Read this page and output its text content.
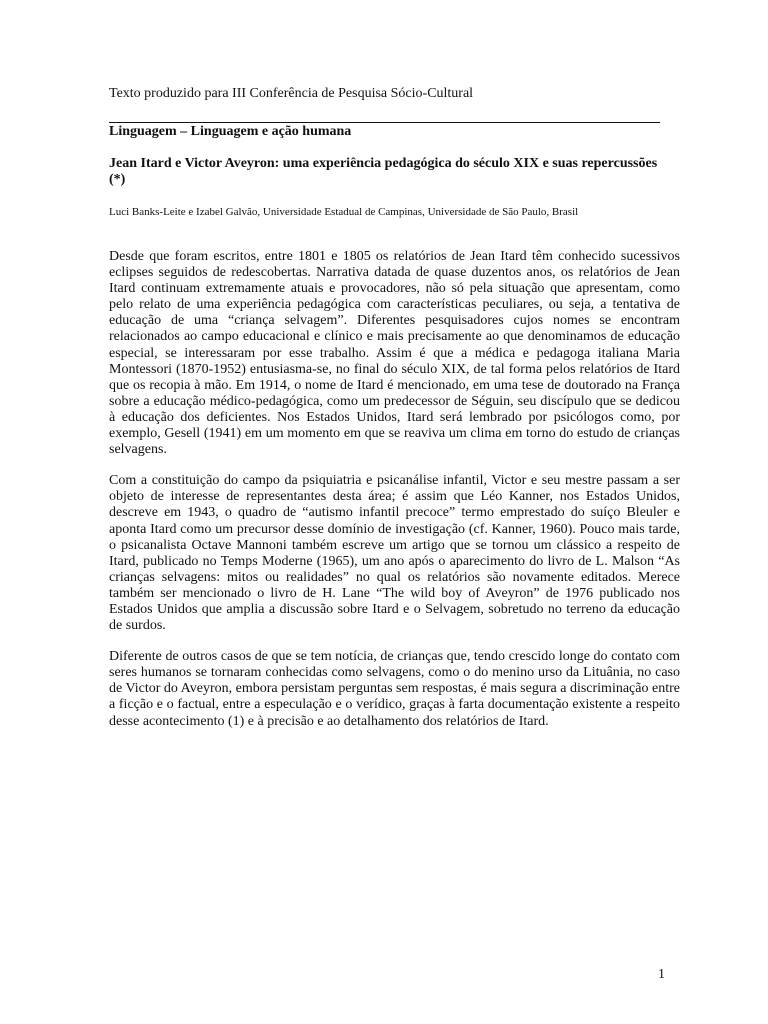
Texto produzido para III Conferência de Pesquisa Sócio-Cultural
Linguagem – Linguagem e ação humana
Jean Itard e Victor Aveyron: uma experiência pedagógica do século XIX e suas repercussões (*)
Luci Banks-Leite e Izabel Galvão, Universidade Estadual de Campinas, Universidade de São Paulo, Brasil

Desde que foram escritos, entre 1801 e 1805 os relatórios de Jean Itard têm conhecido sucessivos eclipses seguidos de redescobertas. Narrativa datada de quase duzentos anos, os relatórios de Jean Itard continuam extremamente atuais e provocadores, não só pela situação que apresentam, como pelo relato de uma experiência pedagógica com características peculiares, ou seja, a tentativa de educação de uma “criança selvagem”. Diferentes pesquisadores cujos nomes se encontram relacionados ao campo educacional e clínico e mais precisamente ao que denominamos de educação especial, se interessaram por esse trabalho. Assim é que a médica e pedagoga italiana Maria Montessori (1870-1952) entusiasma-se, no final do século XIX, de tal forma pelos relatórios de Itard que os recopia à mão. Em 1914, o nome de Itard é mencionado, em uma tese de doutorado na França sobre a educação médico-pedagógica, como um predecessor de Séguin, seu discípulo que se dedicou à educação dos deficientes. Nos Estados Unidos, Itard será lembrado por psicólogos como, por exemplo, Gesell (1941) em um momento em que se reaviva um clima em torno do estudo de crianças selvagens.

Com a constituição do campo da psiquiatria e psicanálise infantil, Victor e seu mestre passam a ser objeto de interesse de representantes desta área; é assim que Léo Kanner, nos Estados Unidos, descreve em 1943, o quadro de “autismo infantil precoce” termo emprestado do suíço Bleuler e aponta Itard como um precursor desse domínio de investigação (cf. Kanner, 1960). Pouco mais tarde, o psicanalista Octave Mannoni também escreve um artigo que se tornou um clássico a respeito de Itard, publicado no Temps Moderne (1965), um ano após o aparecimento do livro de L. Malson “As crianças selvagens: mitos ou realidades” no qual os relatórios são novamente editados. Merece também ser mencionado o livro de H. Lane “The wild boy of Aveyron” de 1976 publicado nos Estados Unidos que amplia a discussão sobre Itard e o Selvagem, sobretudo no terreno da educação de surdos.

Diferente de outros casos de que se tem notícia, de crianças que, tendo crescido longe do contato com seres humanos se tornaram conhecidas como selvagens, como o do menino urso da Lituânia, no caso de Victor do Aveyron, embora persistam perguntas sem respostas, é mais segura a discriminação entre a ficção e o factual, entre a especulação e o verídico, graças à farta documentação existente a respeito desse acontecimento (1) e à precisão e ao detalhamento dos relatórios de Itard.

1
